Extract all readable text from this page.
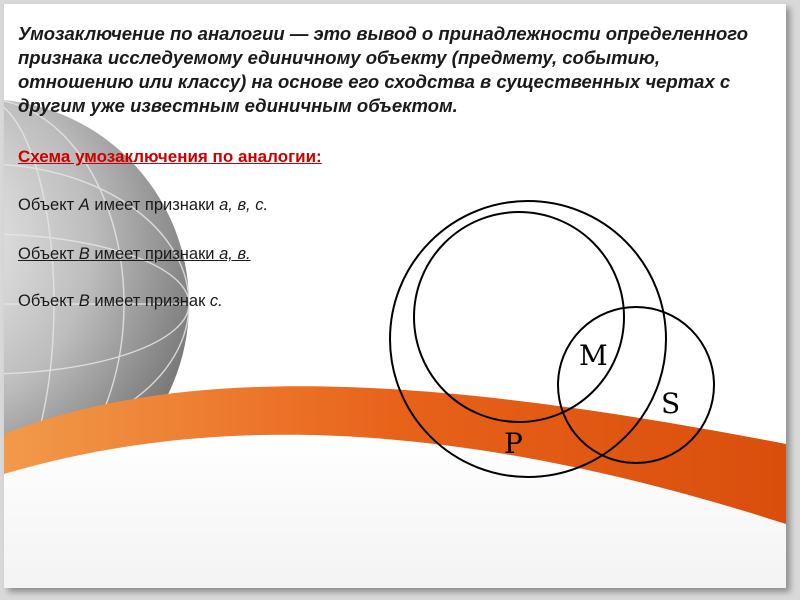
Умозаключение по аналогии — это вывод о принадлежности определенного признака исследуемому единичному объекту (предмету, событию, отношению или классу) на основе его сходства в существенных чертах с другим уже известным единичным объектом.

Схема умозаключения по аналогии:

Объект А имеет признаки а, в, с.

Объект В имеет признаки а, в.

Объект В имеет признак с.

M
S
P
